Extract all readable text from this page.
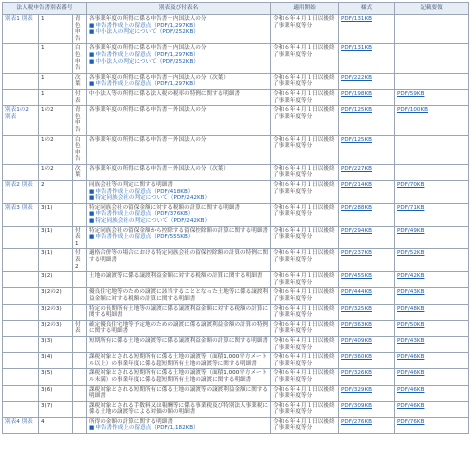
法人税申告書別表番号			別表及び付表名	適用開始	様式	記載要領
別表1 別表	1	青色申告	各事業年度の所得に係る申告書－内国法人の分
■ 申告書作成上の留意点（PDF/1,297KB）
■ 中小法人の判定について（PDF/252KB）	令和６年４月１日以後終了事業年度等分	PDF/131KB	
	1	白色申告	各事業年度の所得に係る申告書－内国法人の分
■ 申告書作成上の留意点（PDF/1,297KB）
■ 中小法人の判定について（PDF/252KB）	令和６年４月１日以後終了事業年度等分	PDF/131KB	
	1	次葉	各事業年度の所得に係る申告書－内国法人の分（次葉）
■ 申告書作成上の留意点（PDF/1,297KB）	令和６年４月１日以後終了事業年度等分	PDF/222KB	
	1	付表	中小法人等の所得に係る法人税の税率の特例に関する明細書	令和６年４月１日以後終了事業年度等分	PDF/198KB	PDF/59KB
別表1の2 別表	1の2	青色申告	各事業年度の所得に係る申告書－外国法人の分	令和６年４月１日以後終了事業年度等分	PDF/125KB	PDF/100KB
	1の2	白色申告	各事業年度の所得に係る申告書－外国法人の分	令和６年４月１日以後終了事業年度等分	PDF/125KB	
	1の2	次葉	各事業年度の所得に係る申告書－外国法人の分（次葉）	令和６年４月１日以後終了事業年度等分	PDF/227KB	
別表2 別表	2		同族会社等の判定に関する明細書
■ 申告書作成上の留意点（PDF/418KB）
■ 特定同族会社の判定について（PDF/242KB）	令和６年４月１日以後終了事業年度等分	PDF/214KB	PDF/70KB
別表3 別表	3(1)		特定同族会社の留保金額に対する税額の計算に関する明細書
■ 申告書作成上の留意点（PDF/376KB）
■ 特定同族会社の判定について（PDF/242KB）	令和６年４月１日以後終了事業年度等分	PDF/288KB	PDF/71KB
	3(1)	付表1	特定同族会社の留保金額から控除する留保控除額の計算に関する明細書
■ 申告書作成上の留意点（PDF/555KB）	令和６年４月１日以後終了事業年度等分	PDF/294KB	PDF/49KB
	3(1)	付表2	適格合併等の場合における特定同族会社の留保控除額の計算の特例に関する明細書	令和６年４月１日以後終了事業年度等分	PDF/237KB	PDF/52KB
	3(2)		土地の譲渡等に係る譲渡利益金額に対する税額の計算に関する明細書	令和６年４月１日以後終了事業年度等分	PDF/455KB	PDF/42KB
	3(2の2)		優良住宅地等のための譲渡に該当することとなった土地等に係る譲渡利益金額に対する税額の計算に関する明細書	令和６年４月１日以後終了事業年度等分	PDF/444KB	PDF/43KB
	3(2の3)		特定の長期所有土地等の譲渡に係る譲渡利益金額に対する税額の計算に関する明細書	令和６年４月１日以後終了事業年度等分	PDF/325KB	PDF/48KB
	3(2の3)	付表	確定優良住宅地等予定地のための譲渡に係る譲渡利益金額の計算の特例に関する明細書	令和６年４月１日以後終了事業年度等分	PDF/363KB	PDF/50KB
	3(3)		短期所有に係る土地の譲渡等に係る譲渡利益金額の計算に関する明細書	令和６年４月１日以後終了事業年度等分	PDF/409KB	PDF/43KB
	3(4)		課税対象とされる短期所有に係る土地の譲渡等（面積1,000平方メートル以上）の事業年度に係る超短期所有土地の譲渡等に関する明細書	令和６年４月１日以後終了事業年度等分	PDF/360KB	PDF/46KB
	3(5)		課税対象とされる短期所有に係る土地の譲渡等（面積1,000平方メートル未満）の事業年度に係る超短期所有土地の譲渡に関する明細書	令和６年４月１日以後終了事業年度等分	PDF/326KB	PDF/46KB
	3(6)		課税対象とされる短期所有に係る土地の譲渡等の譲渡利益金額に関する明細書	令和６年４月１日以後終了事業年度等分	PDF/329KB	PDF/46KB
	3(7)		課税対象とされる手数料又は報酬等に係る事業税及び特別法人事業税に係る土地の譲渡等による対価の額の明細書	令和６年４月１日以後終了事業年度等分	PDF/309KB	PDF/46KB
別表4 別表	4		所得の金額の計算に関する明細書
■ 申告書作成上の留意点（PDF/1,182KB）	令和６年４月１日以後終了事業年度等分	PDF/276KB	PDF/76KB
